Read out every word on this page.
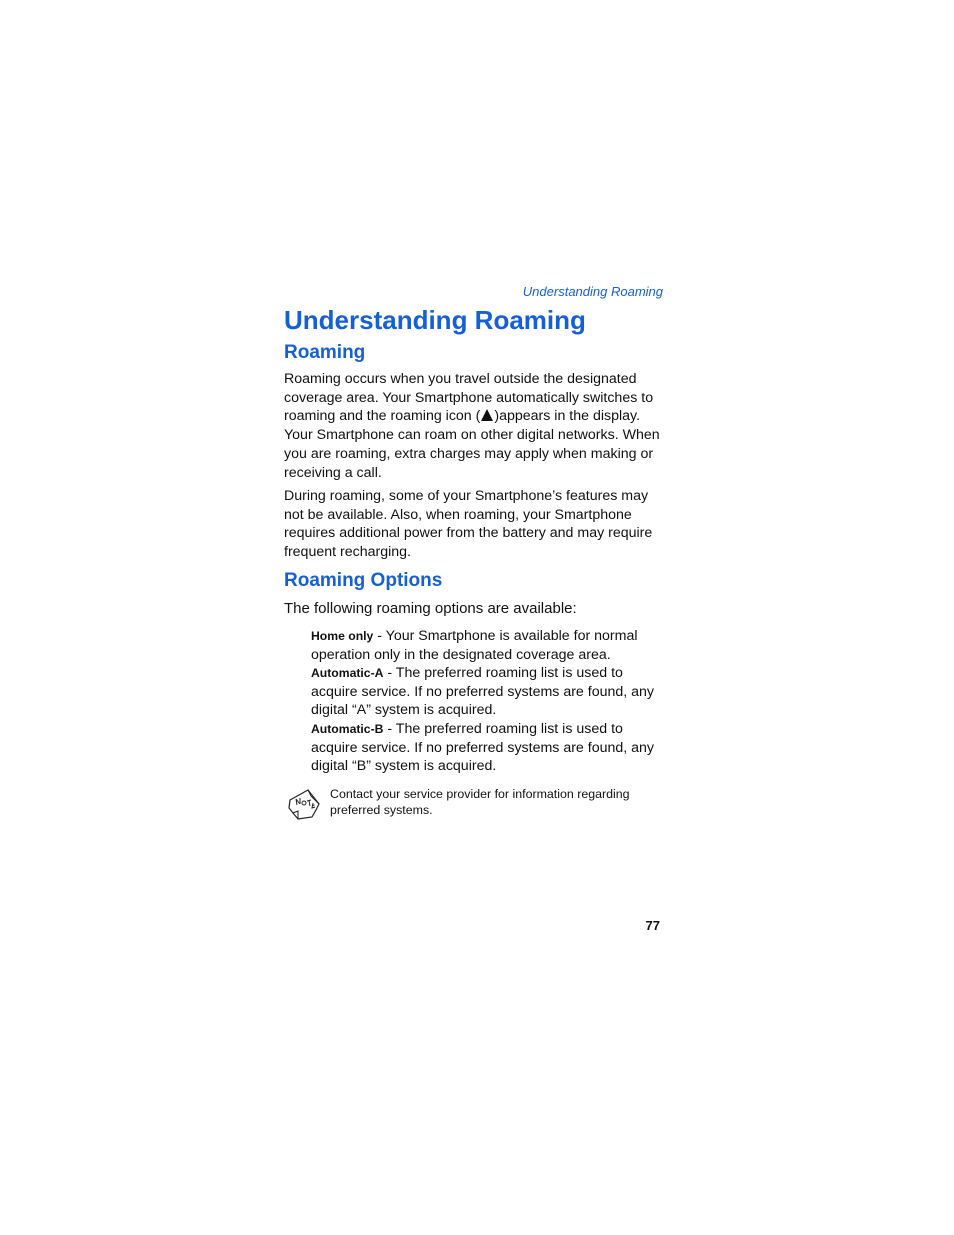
Understanding Roaming
Understanding Roaming
Roaming

Roaming occurs when you travel outside the designated coverage area. Your Smartphone automatically switches to roaming and the roaming icon ( )appears in the display. Your Smartphone can roam on other digital networks. When you are roaming, extra charges may apply when making or receiving a call.

During roaming, some of your Smartphone’s features may not be available. Also, when roaming, your Smartphone requires additional power from the battery and may require frequent recharging.

Roaming Options

The following roaming options are available:

Home only - Your Smartphone is available for normal operation only in the designated coverage area.

Automatic-A - The preferred roaming list is used to acquire service. If no preferred systems are found, any digital “A” system is acquired.

Automatic-B - The preferred roaming list is used to acquire service. If no preferred systems are found, any digital “B” system is acquired.

Contact your service provider for information regarding preferred systems.

77
